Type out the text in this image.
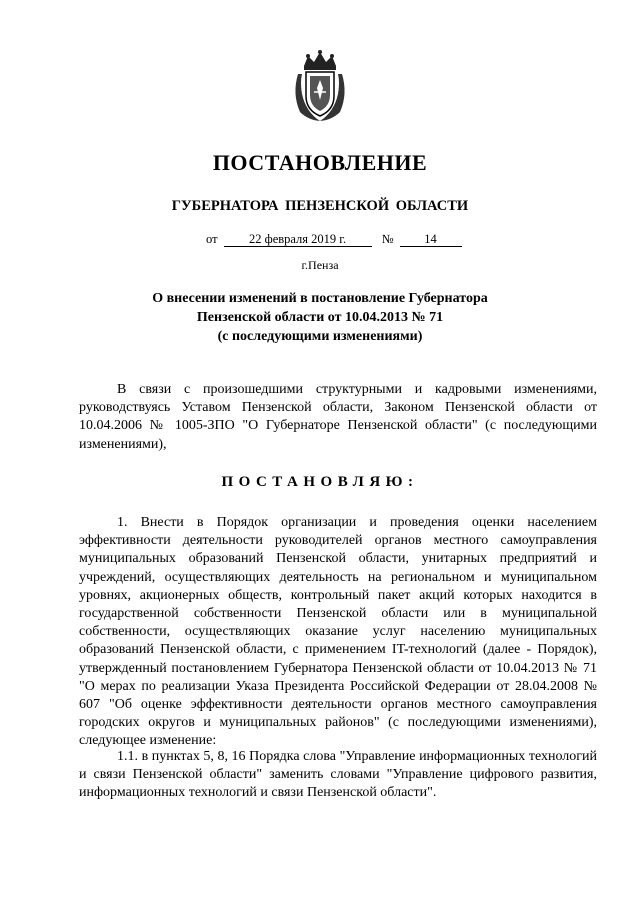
ПОСТАНОВЛЕНИЕ
ГУБЕРНАТОРА ПЕНЗЕНСКОЙ ОБЛАСТИ
от	22 февраля 2019 г.	№	14
г.Пенза
О внесении изменений в постановление Губернатора
Пензенской области от 10.04.2013 № 71
(с последующими изменениями)
В связи с произошедшими структурными и кадровыми изменениями, руководствуясь Уставом Пензенской области, Законом Пензенской области от 10.04.2006 № 1005-ЗПО "О Губернаторе Пензенской области" (с последующими изменениями),
ПОСТАНОВЛЯЮ:
1. Внести в Порядок организации и проведения оценки населением эффективности деятельности руководителей органов местного самоуправления муниципальных образований Пензенской области, унитарных предприятий и учреждений, осуществляющих деятельность на региональном и муниципальном уровнях, акционерных обществ, контрольный пакет акций которых находится в государственной собственности Пензенской области или в муниципальной собственности, осуществляющих оказание услуг населению муниципальных образований Пензенской области, с применением IT-технологий (далее - Порядок), утвержденный постановлением Губернатора Пензенской области от 10.04.2013 № 71 "О мерах по реализации Указа Президента Российской Федерации от 28.04.2008 № 607 "Об оценке эффективности деятельности органов местного самоуправления городских округов и муниципальных районов" (с последующими изменениями), следующее изменение:
1.1. в пунктах 5, 8, 16 Порядка слова "Управление информационных технологий и связи Пензенской области" заменить словами "Управление цифрового развития, информационных технологий и связи Пензенской области".
